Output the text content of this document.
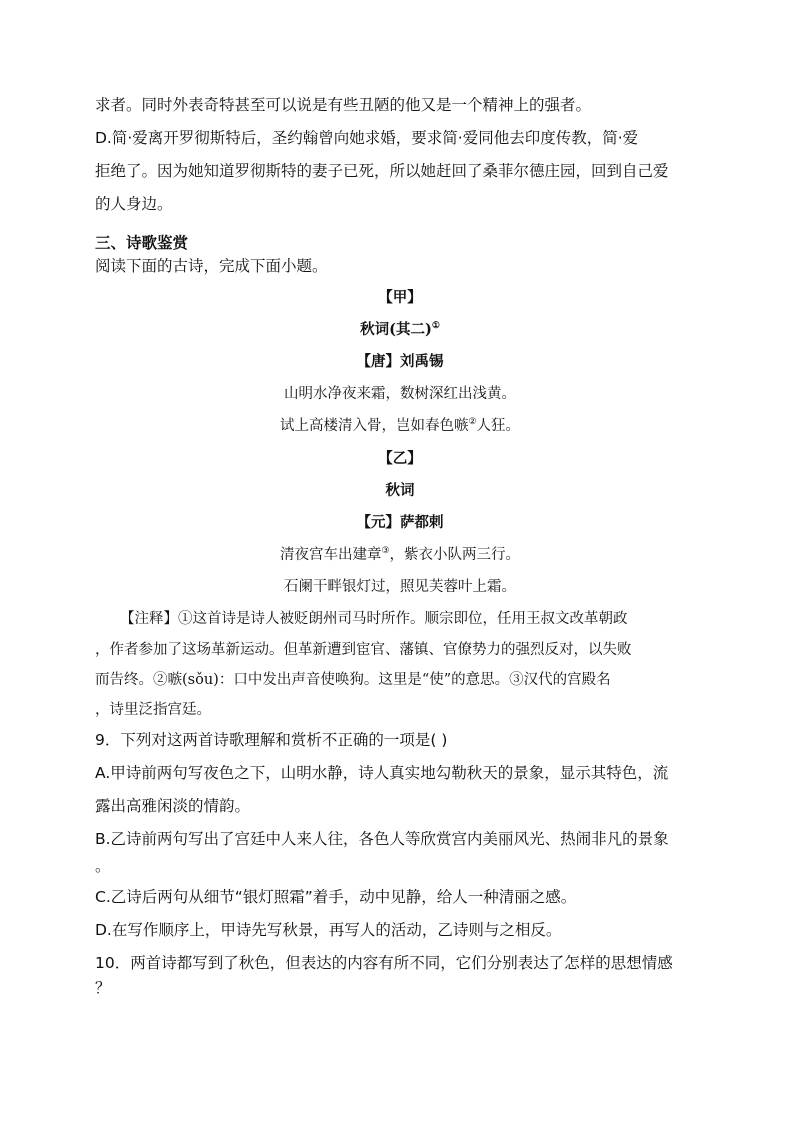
求者。同时外表奇特甚至可以说是有些丑陋的他又是一个精神上的强者。
D.简·爱离开罗彻斯特后，圣约翰曾向她求婚，要求简·爱同他去印度传教，简·爱
拒绝了。因为她知道罗彻斯特的妻子已死，所以她赶回了桑菲尔德庄园，回到自己爱
的人身边。
三、诗歌鉴赏
阅读下面的古诗，完成下面小题。
【甲】
秋词(其二)①
【唐】刘禹锡
山明水净夜来霜，数树深红出浅黄。
试上高楼清入骨，岂如春色嗾②人狂。
【乙】
秋词
【元】萨都剌
清夜宫车出建章③，紫衣小队两三行。
石阑干畔银灯过，照见芙蓉叶上霜。
【注释】①这首诗是诗人被贬朗州司马时所作。顺宗即位，任用王叔文改革朝政
，作者参加了这场革新运动。但革新遭到宦官、藩镇、官僚势力的强烈反对，以失败
而告终。②嗾(sǒu)：口中发出声音使唤狗。这里是“使”的意思。③汉代的宫殿名
，诗里泛指宫廷。
9．下列对这两首诗歌理解和赏析不正确的一项是( )
A.甲诗前两句写夜色之下，山明水静，诗人真实地勾勒秋天的景象，显示其特色，流
露出高雅闲淡的情韵。
B.乙诗前两句写出了宫廷中人来人往，各色人等欣赏宫内美丽风光、热闹非凡的景象
。
C.乙诗后两句从细节“银灯照霜”着手，动中见静，给人一种清丽之感。
D.在写作顺序上，甲诗先写秋景，再写人的活动，乙诗则与之相反。
10．两首诗都写到了秋色，但表达的内容有所不同，它们分别表达了怎样的思想情感
？
